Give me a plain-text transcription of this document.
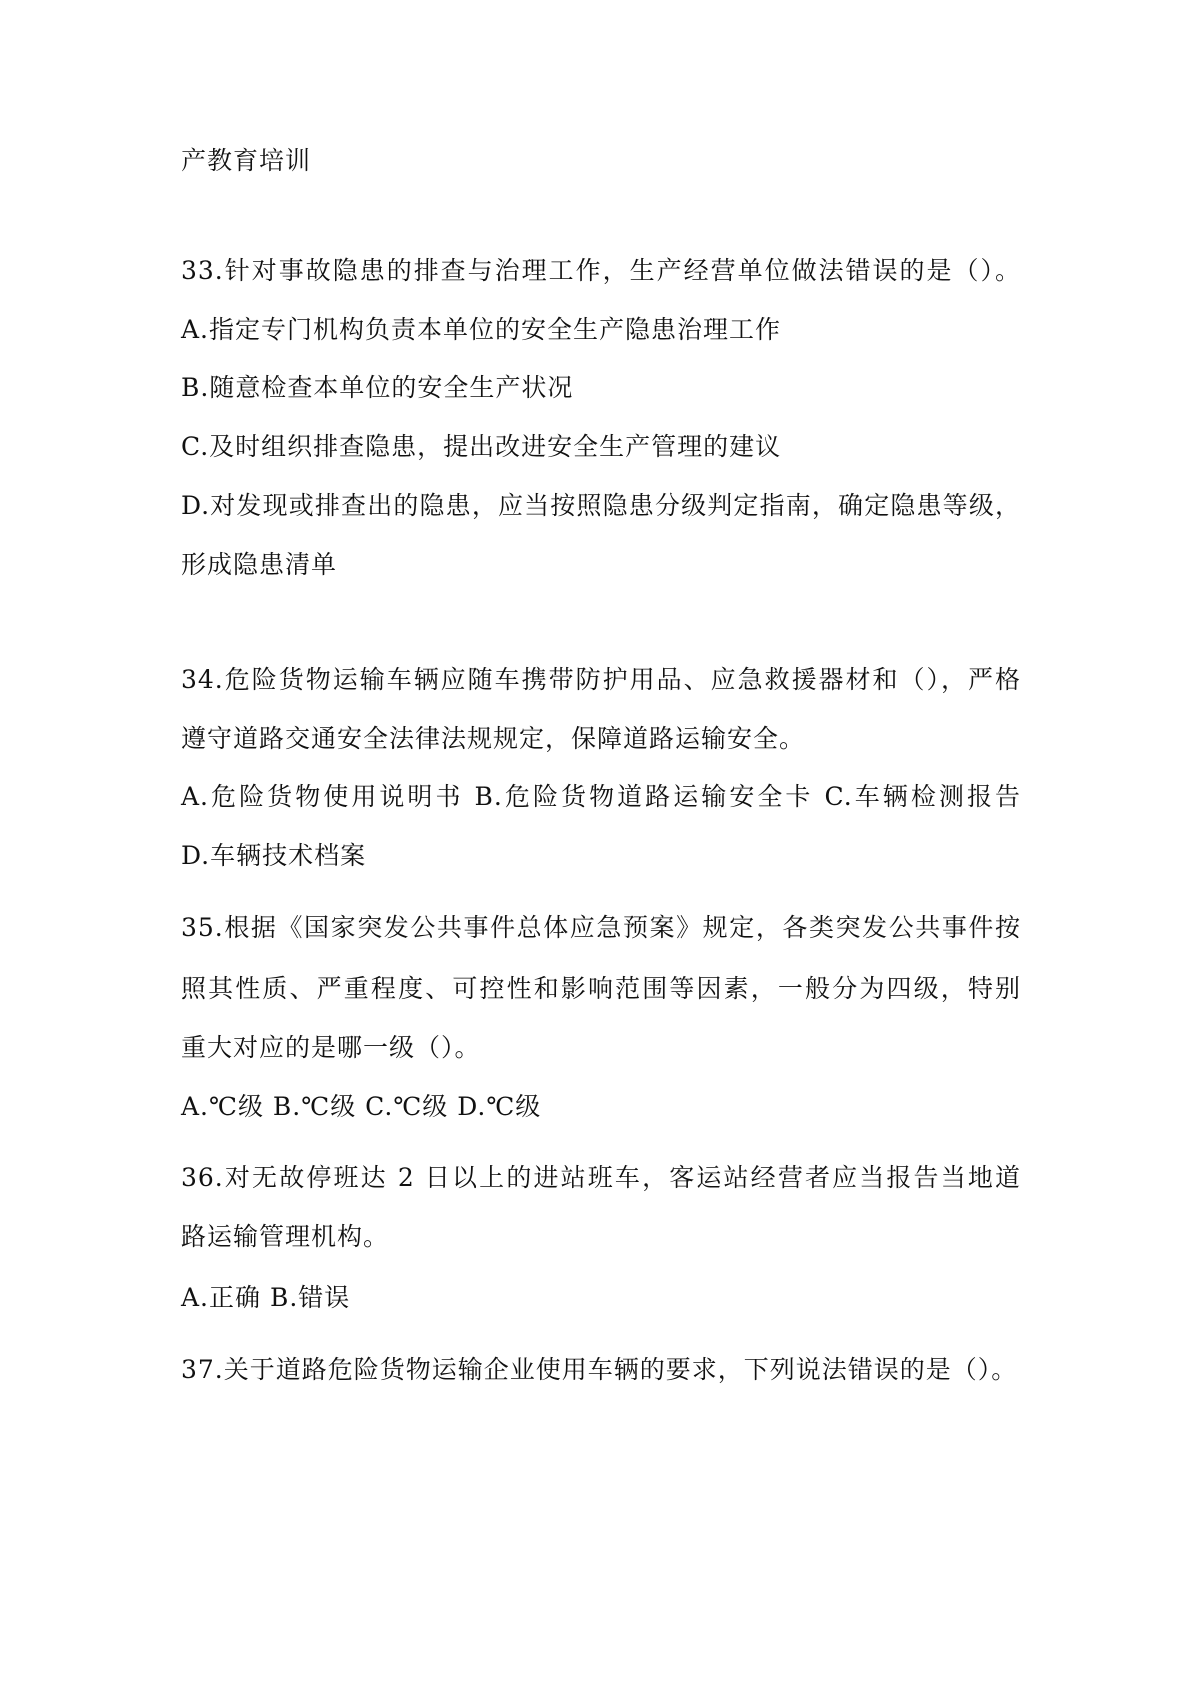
产教育培训
33.针对事故隐患的排查与治理工作，生产经营单位做法错误的是（）。
A.指定专门机构负责本单位的安全生产隐患治理工作
B.随意检查本单位的安全生产状况
C.及时组织排查隐患，提出改进安全生产管理的建议
D.对发现或排查出的隐患，应当按照隐患分级判定指南，确定隐患等级，
形成隐患清单
34.危险货物运输车辆应随车携带防护用品、应急救援器材和（），严格
遵守道路交通安全法律法规规定，保障道路运输安全。
A.危险货物使用说明书 B.危险货物道路运输安全卡 C.车辆检测报告
D.车辆技术档案
35.根据《国家突发公共事件总体应急预案》规定，各类突发公共事件按
照其性质、严重程度、可控性和影响范围等因素，一般分为四级，特别
重大对应的是哪一级（）。
A.℃级 B.℃级 C.℃级 D.℃级
36.对无故停班达 2 日以上的进站班车，客运站经营者应当报告当地道
路运输管理机构。
A.正确 B.错误
37.关于道路危险货物运输企业使用车辆的要求，下列说法错误的是（）。
